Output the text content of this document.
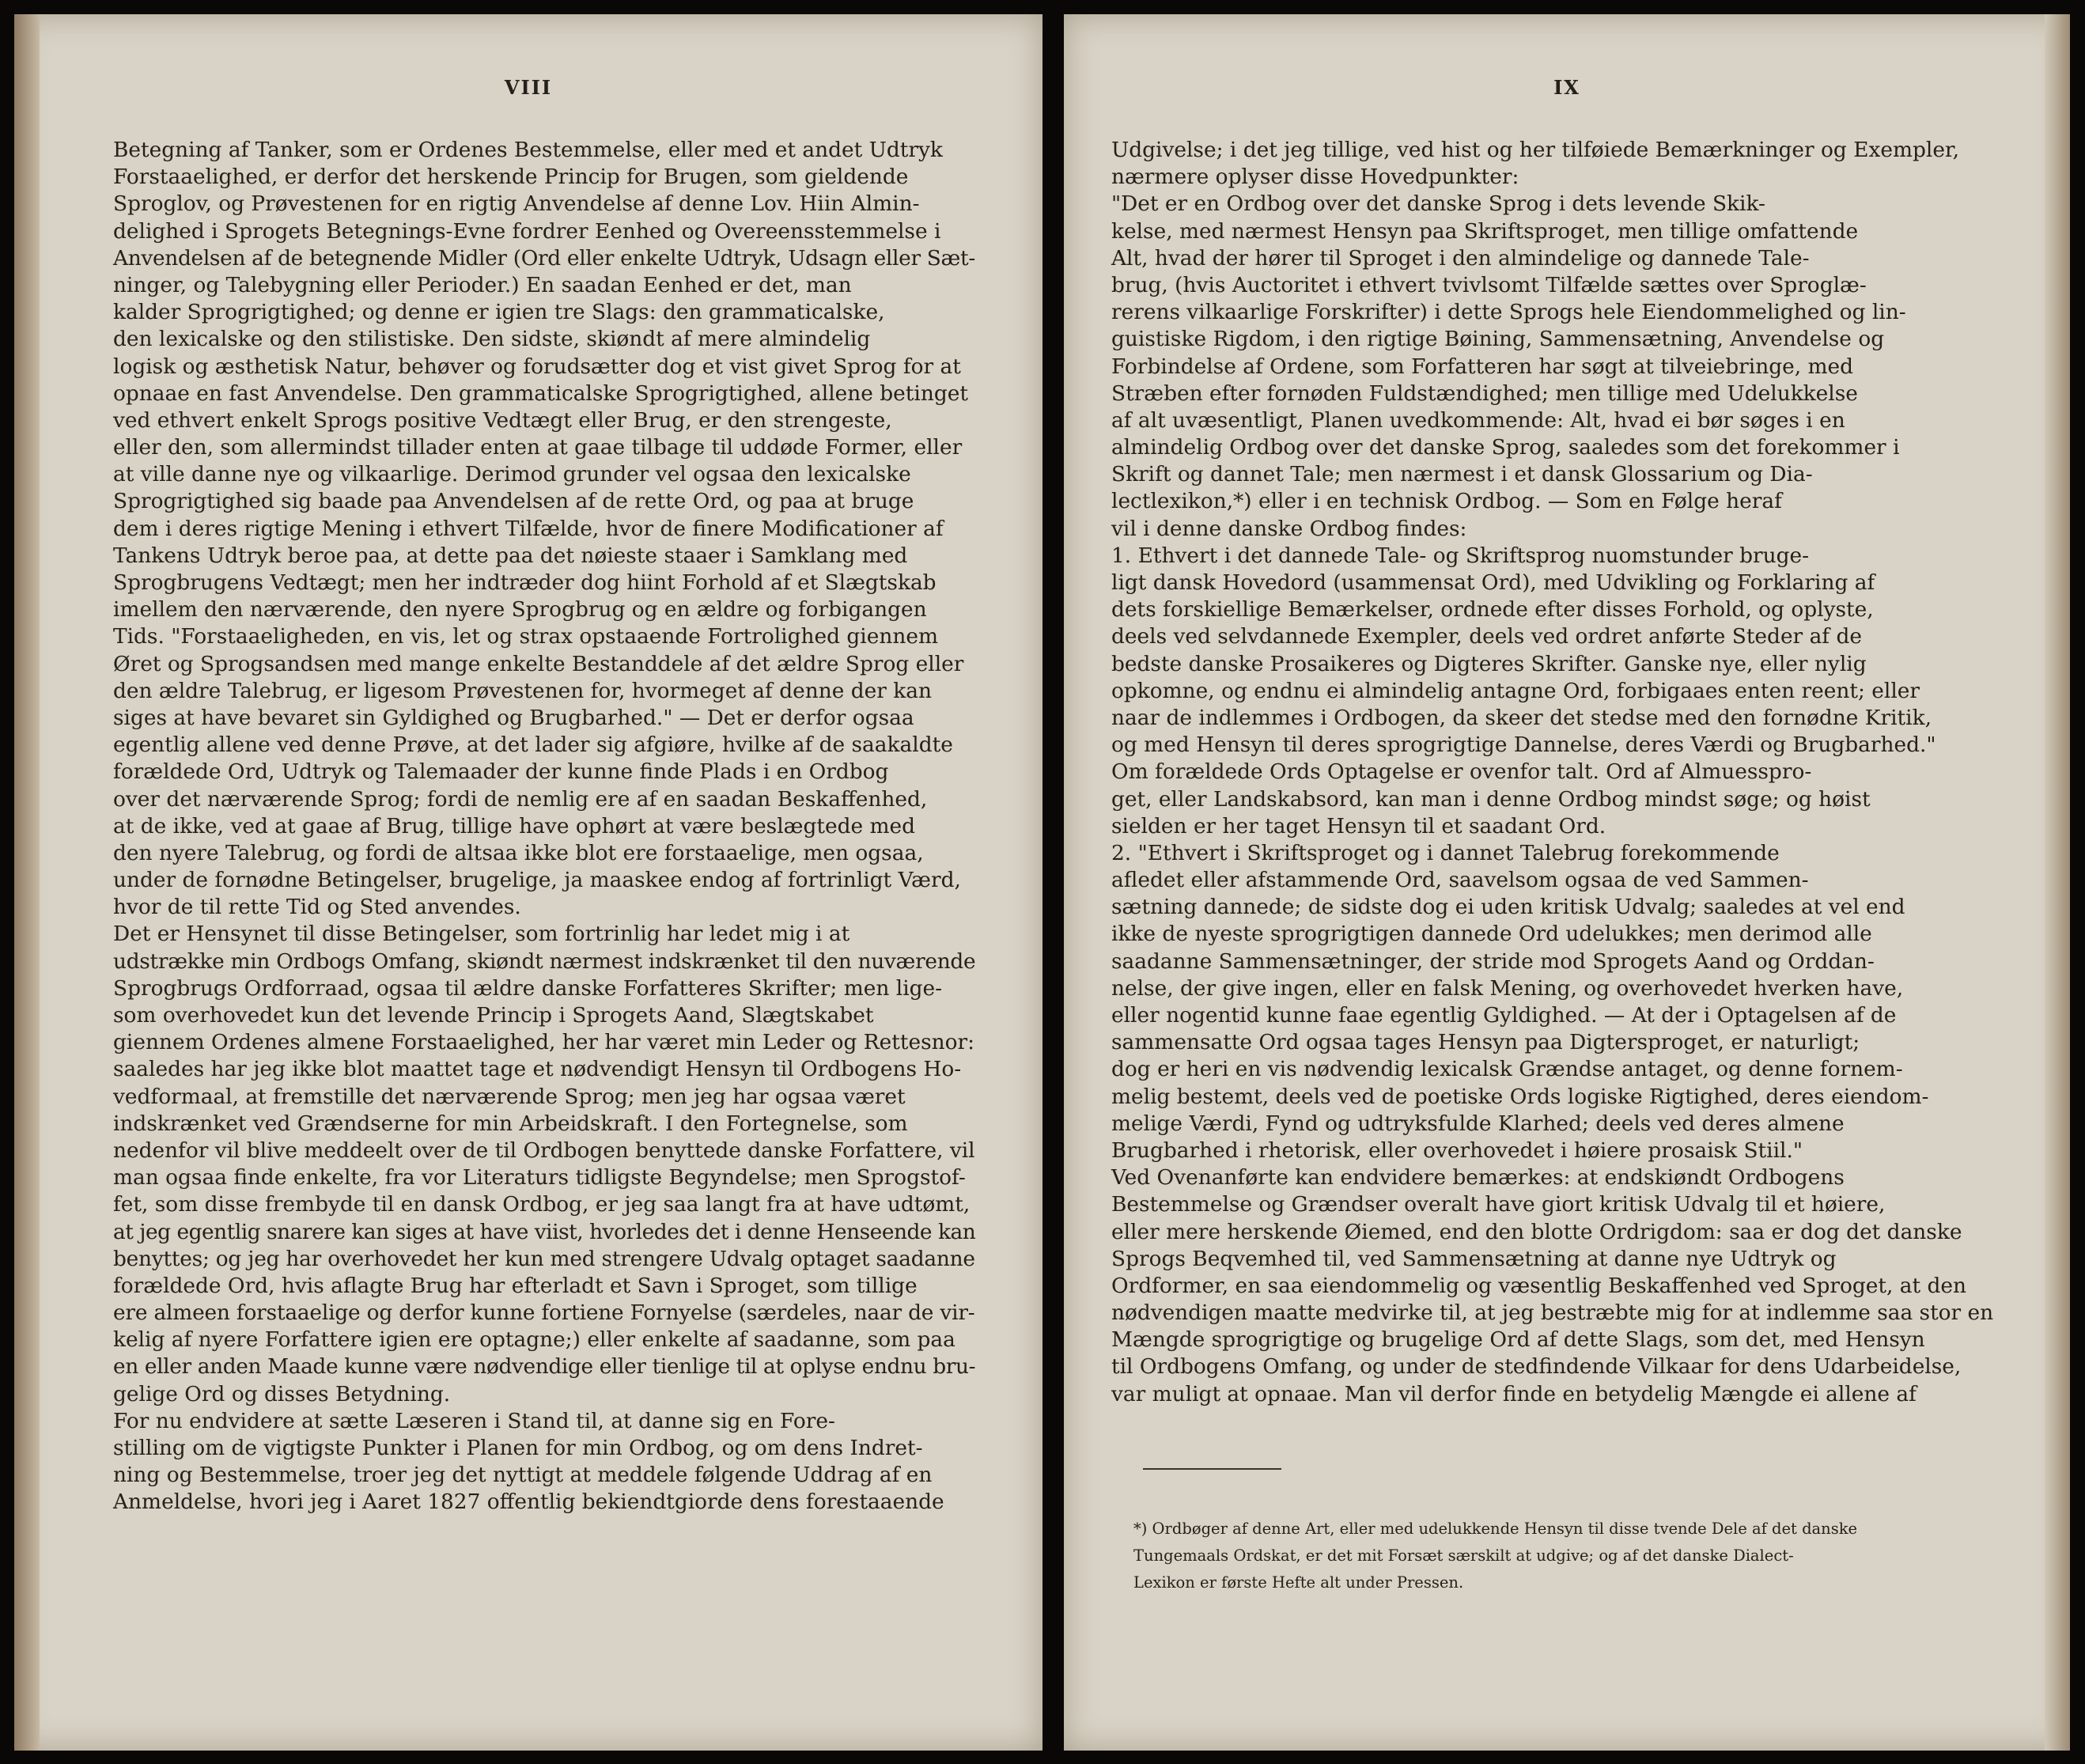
VIII
Betegning af Tanker, som er Ordenes Bestemmelse, eller med et andet Udtryk
Forstaaelighed, er derfor det herskende Princip for Brugen, som gieldende
Sproglov, og Prøvestenen for en rigtig Anvendelse af denne Lov. Hiin Almin-
delighed i Sprogets Betegnings-Evne fordrer Eenhed og Overeensstemmelse i
Anvendelsen af de betegnende Midler (Ord eller enkelte Udtryk, Udsagn eller Sæt-
ninger, og Talebygning eller Perioder.) En saadan Eenhed er det, man
kalder Sprogrigtighed; og denne er igien tre Slags: den grammaticalske,
den lexicalske og den stilistiske. Den sidste, skiøndt af mere almindelig
logisk og æsthetisk Natur, behøver og forudsætter dog et vist givet Sprog for at
opnaae en fast Anvendelse. Den grammaticalske Sprogrigtighed, allene betinget
ved ethvert enkelt Sprogs positive Vedtægt eller Brug, er den strengeste,
eller den, som allermindst tillader enten at gaae tilbage til uddøde Former, eller
at ville danne nye og vilkaarlige. Derimod grunder vel ogsaa den lexicalske
Sprogrigtighed sig baade paa Anvendelsen af de rette Ord, og paa at bruge
dem i deres rigtige Mening i ethvert Tilfælde, hvor de finere Modificationer af
Tankens Udtryk beroe paa, at dette paa det nøieste staaer i Samklang med
Sprogbrugens Vedtægt; men her indtræder dog hiint Forhold af et Slægtskab
imellem den nærværende, den nyere Sprogbrug og en ældre og forbigangen
Tids. "Forstaaeligheden, en vis, let og strax opstaaende Fortrolighed giennem
Øret og Sprogsandsen med mange enkelte Bestanddele af det ældre Sprog eller
den ældre Talebrug, er ligesom Prøvestenen for, hvormeget af denne der kan
siges at have bevaret sin Gyldighed og Brugbarhed." — Det er derfor ogsaa
egentlig allene ved denne Prøve, at det lader sig afgiøre, hvilke af de saakaldte
forældede Ord, Udtryk og Talemaader der kunne finde Plads i en Ordbog
over det nærværende Sprog; fordi de nemlig ere af en saadan Beskaffenhed,
at de ikke, ved at gaae af Brug, tillige have ophørt at være beslægtede med
den nyere Talebrug, og fordi de altsaa ikke blot ere forstaaelige, men ogsaa,
under de fornødne Betingelser, brugelige, ja maaskee endog af fortrinligt Værd,
hvor de til rette Tid og Sted anvendes.
Det er Hensynet til disse Betingelser, som fortrinlig har ledet mig i at
udstrække min Ordbogs Omfang, skiøndt nærmest indskrænket til den nuværende
Sprogbrugs Ordforraad, ogsaa til ældre danske Forfatteres Skrifter; men lige-
som overhovedet kun det levende Princip i Sprogets Aand, Slægtskabet
giennem Ordenes almene Forstaaelighed, her har været min Leder og Rettesnor:
saaledes har jeg ikke blot maattet tage et nødvendigt Hensyn til Ordbogens Ho-
vedformaal, at fremstille det nærværende Sprog; men jeg har ogsaa været
indskrænket ved Grændserne for min Arbeidskraft. I den Fortegnelse, som
nedenfor vil blive meddeelt over de til Ordbogen benyttede danske Forfattere, vil
man ogsaa finde enkelte, fra vor Literaturs tidligste Begyndelse; men Sprogstof-
fet, som disse frembyde til en dansk Ordbog, er jeg saa langt fra at have udtømt,
at jeg egentlig snarere kan siges at have viist, hvorledes det i denne Henseende kan
benyttes; og jeg har overhovedet her kun med strengere Udvalg optaget saadanne
forældede Ord, hvis aflagte Brug har efterladt et Savn i Sproget, som tillige
ere almeen forstaaelige og derfor kunne fortiene Fornyelse (særdeles, naar de vir-
kelig af nyere Forfattere igien ere optagne;) eller enkelte af saadanne, som paa
en eller anden Maade kunne være nødvendige eller tienlige til at oplyse endnu bru-
gelige Ord og disses Betydning.
For nu endvidere at sætte Læseren i Stand til, at danne sig en Fore-
stilling om de vigtigste Punkter i Planen for min Ordbog, og om dens Indret-
ning og Bestemmelse, troer jeg det nyttigt at meddele følgende Uddrag af en
Anmeldelse, hvori jeg i Aaret 1827 offentlig bekiendtgiorde dens forestaaende
IX
Udgivelse; i det jeg tillige, ved hist og her tilføiede Bemærkninger og Exempler,
nærmere oplyser disse Hovedpunkter:
"Det er en Ordbog over det danske Sprog i dets levende Skik-
kelse, med nærmest Hensyn paa Skriftsproget, men tillige omfattende
Alt, hvad der hører til Sproget i den almindelige og dannede Tale-
brug, (hvis Auctoritet i ethvert tvivlsomt Tilfælde sættes over Sproglæ-
rerens vilkaarlige Forskrifter) i dette Sprogs hele Eiendommelighed og lin-
guistiske Rigdom, i den rigtige Bøining, Sammensætning, Anvendelse og
Forbindelse af Ordene, som Forfatteren har søgt at tilveiebringe, med
Stræben efter fornøden Fuldstændighed; men tillige med Udelukkelse
af alt uvæsentligt, Planen uvedkommende: Alt, hvad ei bør søges i en
almindelig Ordbog over det danske Sprog, saaledes som det forekommer i
Skrift og dannet Tale; men nærmest i et dansk Glossarium og Dia-
lectlexikon,*) eller i en technisk Ordbog. — Som en Følge heraf
vil i denne danske Ordbog findes:
1. Ethvert i det dannede Tale- og Skriftsprog nuomstunder bruge-
ligt dansk Hovedord (usammensat Ord), med Udvikling og Forklaring af
dets forskiellige Bemærkelser, ordnede efter disses Forhold, og oplyste,
deels ved selvdannede Exempler, deels ved ordret anførte Steder af de
bedste danske Prosaikeres og Digteres Skrifter. Ganske nye, eller nylig
opkomne, og endnu ei almindelig antagne Ord, forbigaaes enten reent; eller
naar de indlemmes i Ordbogen, da skeer det stedse med den fornødne Kritik,
og med Hensyn til deres sprogrigtige Dannelse, deres Værdi og Brugbarhed."
Om forældede Ords Optagelse er ovenfor talt. Ord af Almuesspro-
get, eller Landskabsord, kan man i denne Ordbog mindst søge; og høist
sielden er her taget Hensyn til et saadant Ord.
2. "Ethvert i Skriftsproget og i dannet Talebrug forekommende
afledet eller afstammende Ord, saavelsom ogsaa de ved Sammen-
sætning dannede; de sidste dog ei uden kritisk Udvalg; saaledes at vel end
ikke de nyeste sprogrigtigen dannede Ord udelukkes; men derimod alle
saadanne Sammensætninger, der stride mod Sprogets Aand og Orddan-
nelse, der give ingen, eller en falsk Mening, og overhovedet hverken have,
eller nogentid kunne faae egentlig Gyldighed. — At der i Optagelsen af de
sammensatte Ord ogsaa tages Hensyn paa Digtersproget, er naturligt;
dog er heri en vis nødvendig lexicalsk Grændse antaget, og denne fornem-
melig bestemt, deels ved de poetiske Ords logiske Rigtighed, deres eiendom-
melige Værdi, Fynd og udtryksfulde Klarhed; deels ved deres almene
Brugbarhed i rhetorisk, eller overhovedet i høiere prosaisk Stiil."
Ved Ovenanførte kan endvidere bemærkes: at endskiøndt Ordbogens
Bestemmelse og Grændser overalt have giort kritisk Udvalg til et høiere,
eller mere herskende Øiemed, end den blotte Ordrigdom: saa er dog det danske
Sprogs Beqvemhed til, ved Sammensætning at danne nye Udtryk og
Ordformer, en saa eiendommelig og væsentlig Beskaffenhed ved Sproget, at den
nødvendigen maatte medvirke til, at jeg bestræbte mig for at indlemme saa stor en
Mængde sprogrigtige og brugelige Ord af dette Slags, som det, med Hensyn
til Ordbogens Omfang, og under de stedfindende Vilkaar for dens Udarbeidelse,
var muligt at opnaae. Man vil derfor finde en betydelig Mængde ei allene af
*) Ordbøger af denne Art, eller med udelukkende Hensyn til disse tvende Dele af det danske
Tungemaals Ordskat, er det mit Forsæt særskilt at udgive; og af det danske Dialect-
Lexikon er første Hefte alt under Pressen.
